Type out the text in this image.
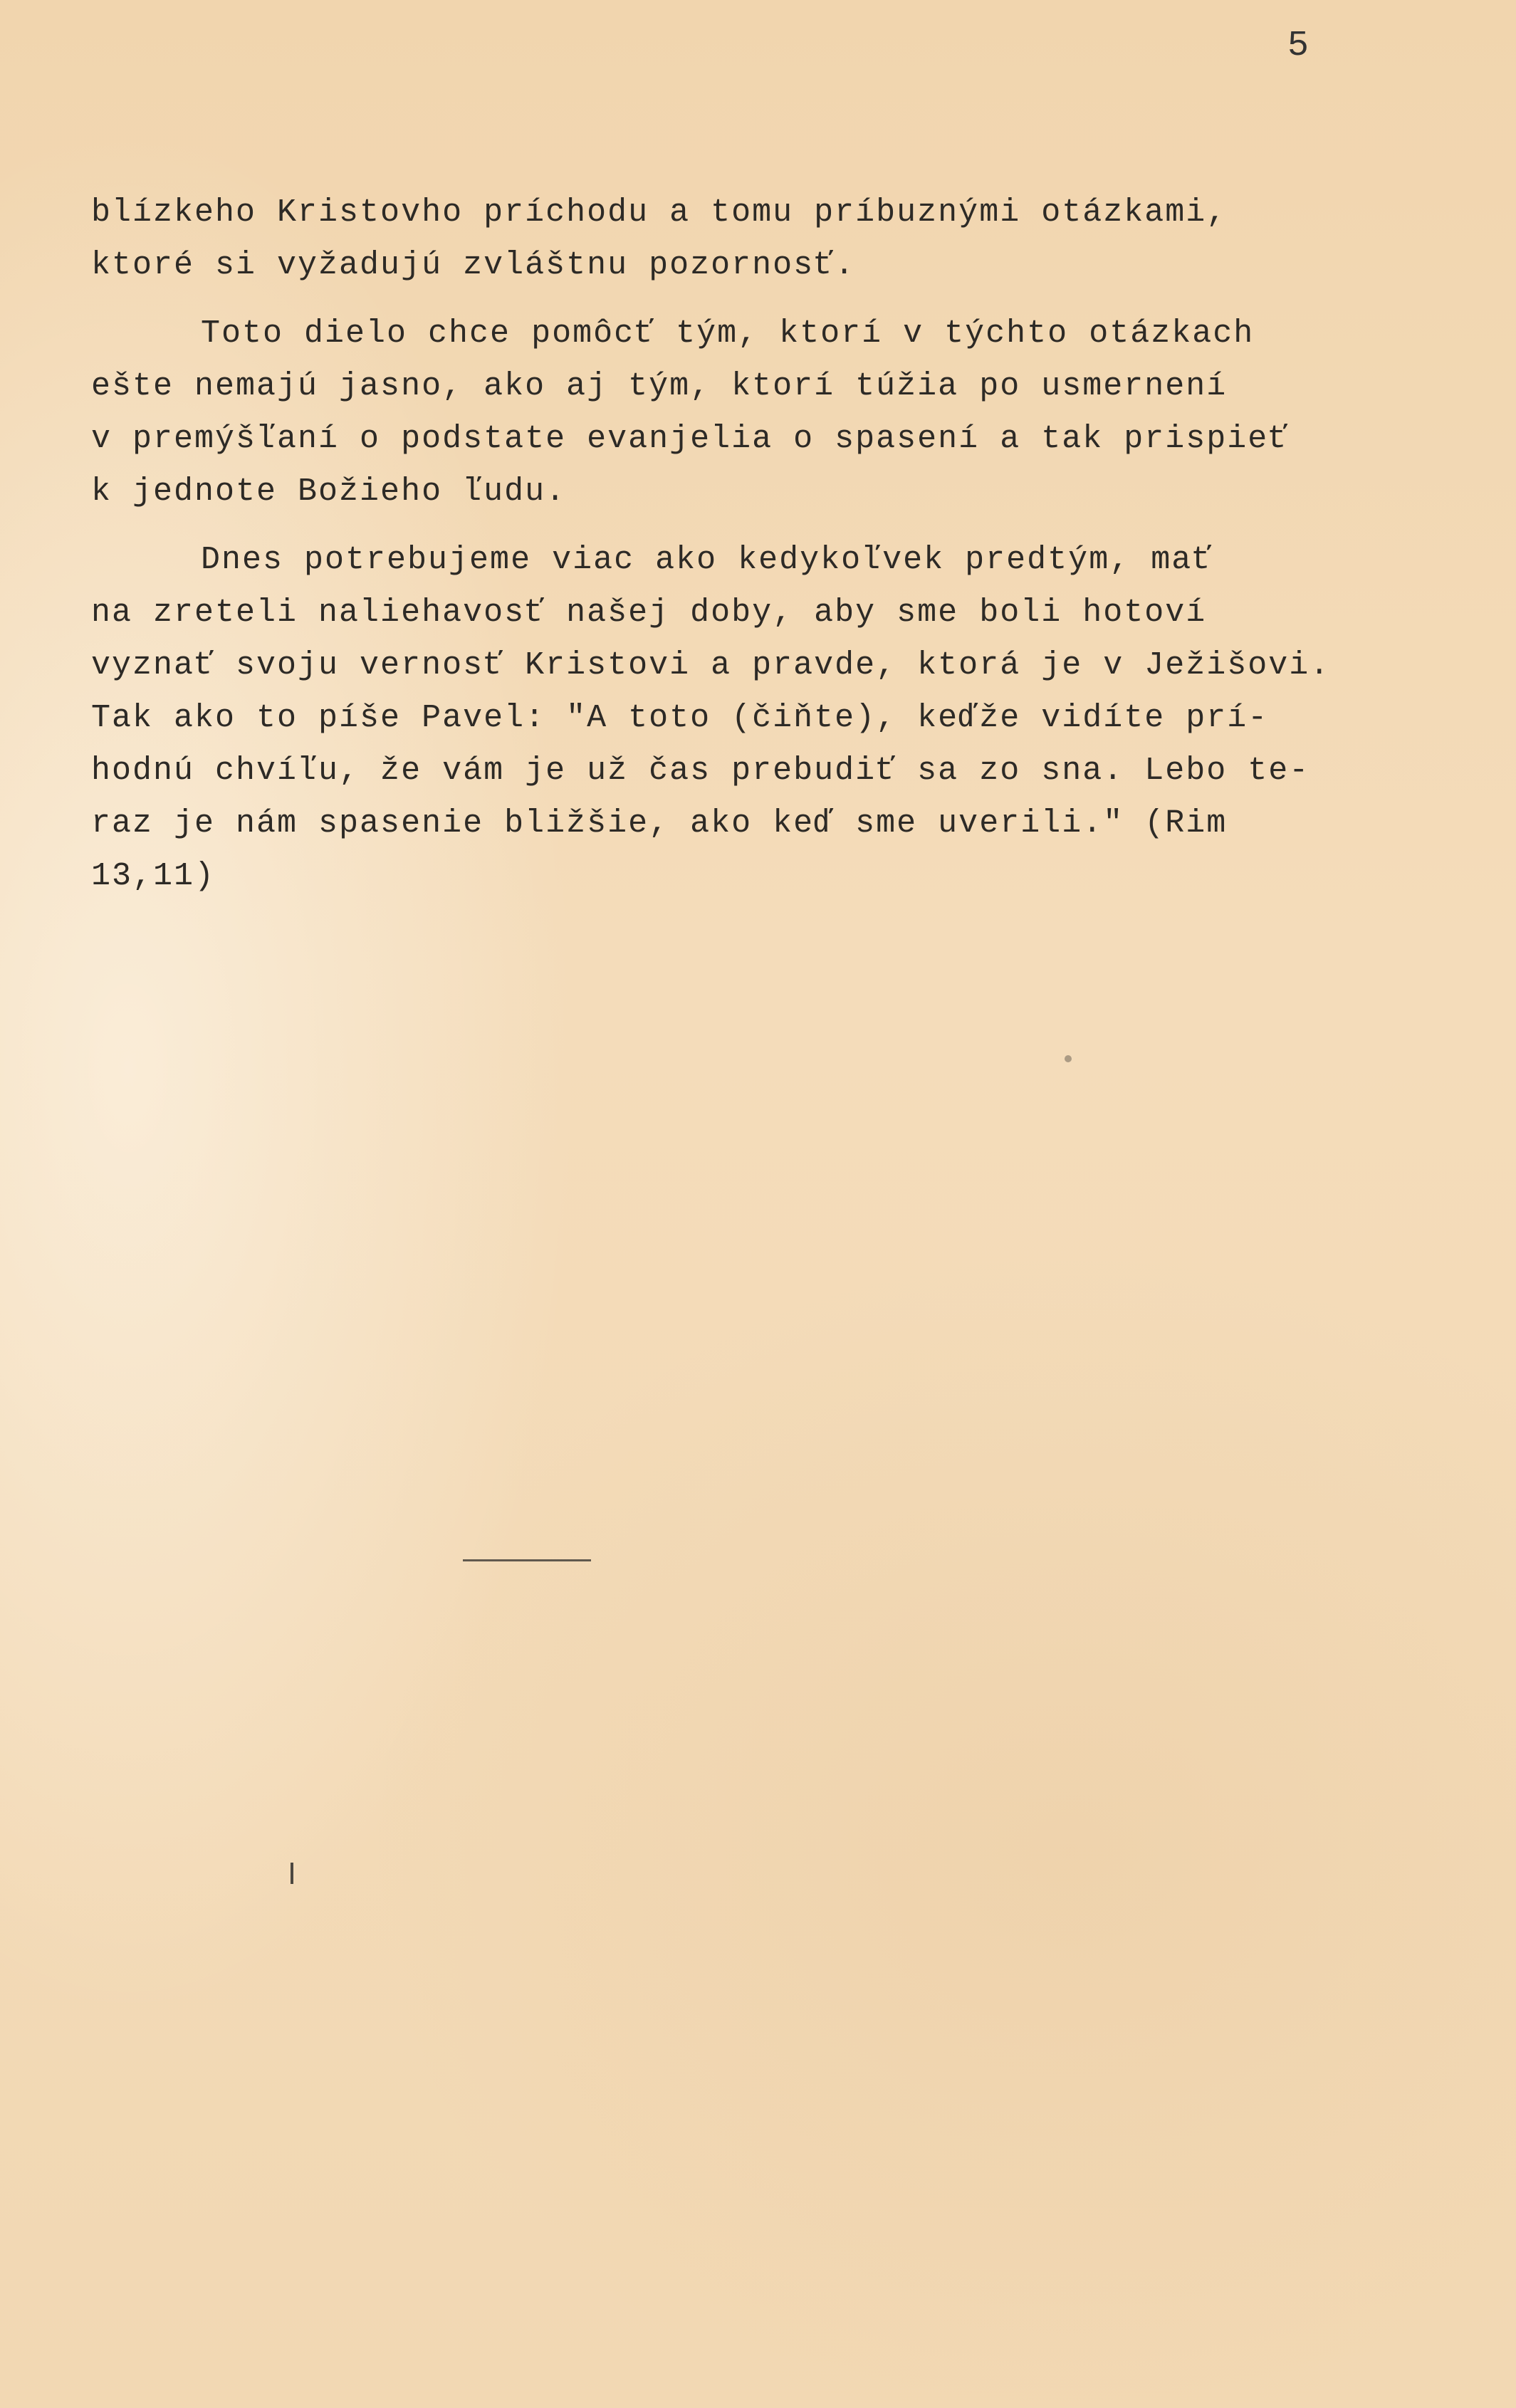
5
blízkeho Kristovho príchodu a tomu príbuznými otázkami,
ktoré si vyžadujú zvláštnu pozornosť.
Toto dielo chce pomôcť tým, ktorí v týchto otázkach
ešte nemajú jasno, ako aj tým, ktorí túžia po usmernení
v premýšľaní o podstate evanjelia o spasení a tak prispieť
k jednote Božieho ľudu.
Dnes potrebujeme viac ako kedykoľvek predtým, mať
na zreteli naliehavosť našej doby, aby sme boli hotoví
vyznať svoju vernosť Kristovi a pravde, ktorá je v Ježišovi.
Tak ako to píše Pavel: "A toto (čiňte), keďže vidíte prí-
hodnú chvíľu, že vám je už čas prebudiť sa zo sna. Lebo te-
raz je nám spasenie bližšie, ako keď sme uverili." (Rim
13,11)
